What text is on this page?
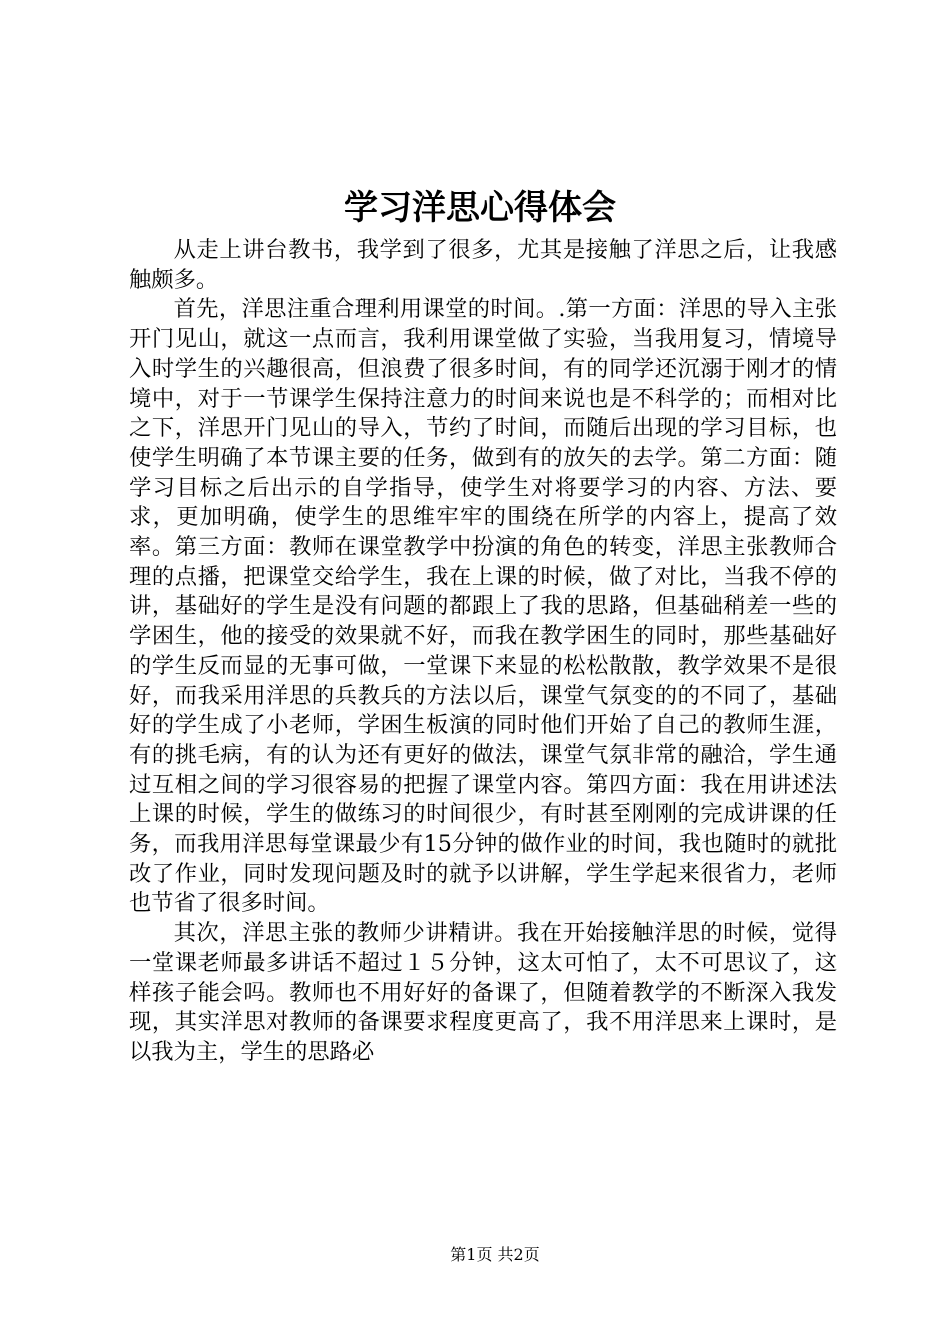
学习洋思心得体会

从走上讲台教书，我学到了很多，尤其是接触了洋思之后，让我感触颇多。

首先，洋思注重合理利用课堂的时间。.第一方面：洋思的导入主张开门见山，就这一点而言，我利用课堂做了实验，当我用复习，情境导入时学生的兴趣很高，但浪费了很多时间，有的同学还沉溺于刚才的情境中，对于一节课学生保持注意力的时间来说也是不科学的；而相对比之下，洋思开门见山的导入，节约了时间，而随后出现的学习目标，也使学生明确了本节课主要的任务，做到有的放矢的去学。第二方面：随学习目标之后出示的自学指导，使学生对将要学习的内容、方法、要求，更加明确，使学生的思维牢牢的围绕在所学的内容上，提高了效率。第三方面：教师在课堂教学中扮演的角色的转变，洋思主张教师合理的点播，把课堂交给学生，我在上课的时候，做了对比，当我不停的讲，基础好的学生是没有问题的都跟上了我的思路，但基础稍差一些的学困生，他的接受的效果就不好，而我在教学困生的同时，那些基础好的学生反而显的无事可做，一堂课下来显的松松散散，教学效果不是很好，而我采用洋思的兵教兵的方法以后，课堂气氛变的的不同了，基础好的学生成了小老师，学困生板演的同时他们开始了自己的教师生涯，有的挑毛病，有的认为还有更好的做法，课堂气氛非常的融洽，学生通过互相之间的学习很容易的把握了课堂内容。第四方面：我在用讲述法上课的时候，学生的做练习的时间很少，有时甚至刚刚的完成讲课的任务，而我用洋思每堂课最少有15分钟的做作业的时间，我也随时的就批改了作业，同时发现问题及时的就予以讲解，学生学起来很省力，老师也节省了很多时间。

其次，洋思主张的教师少讲精讲。我在开始接触洋思的时候，觉得一堂课老师最多讲话不超过１５分钟，这太可怕了，太不可思议了，这样孩子能会吗。教师也不用好好的备课了，但随着教学的不断深入我发现，其实洋思对教师的备课要求程度更高了，我不用洋思来上课时，是以我为主，学生的思路必

第1页 共2页
